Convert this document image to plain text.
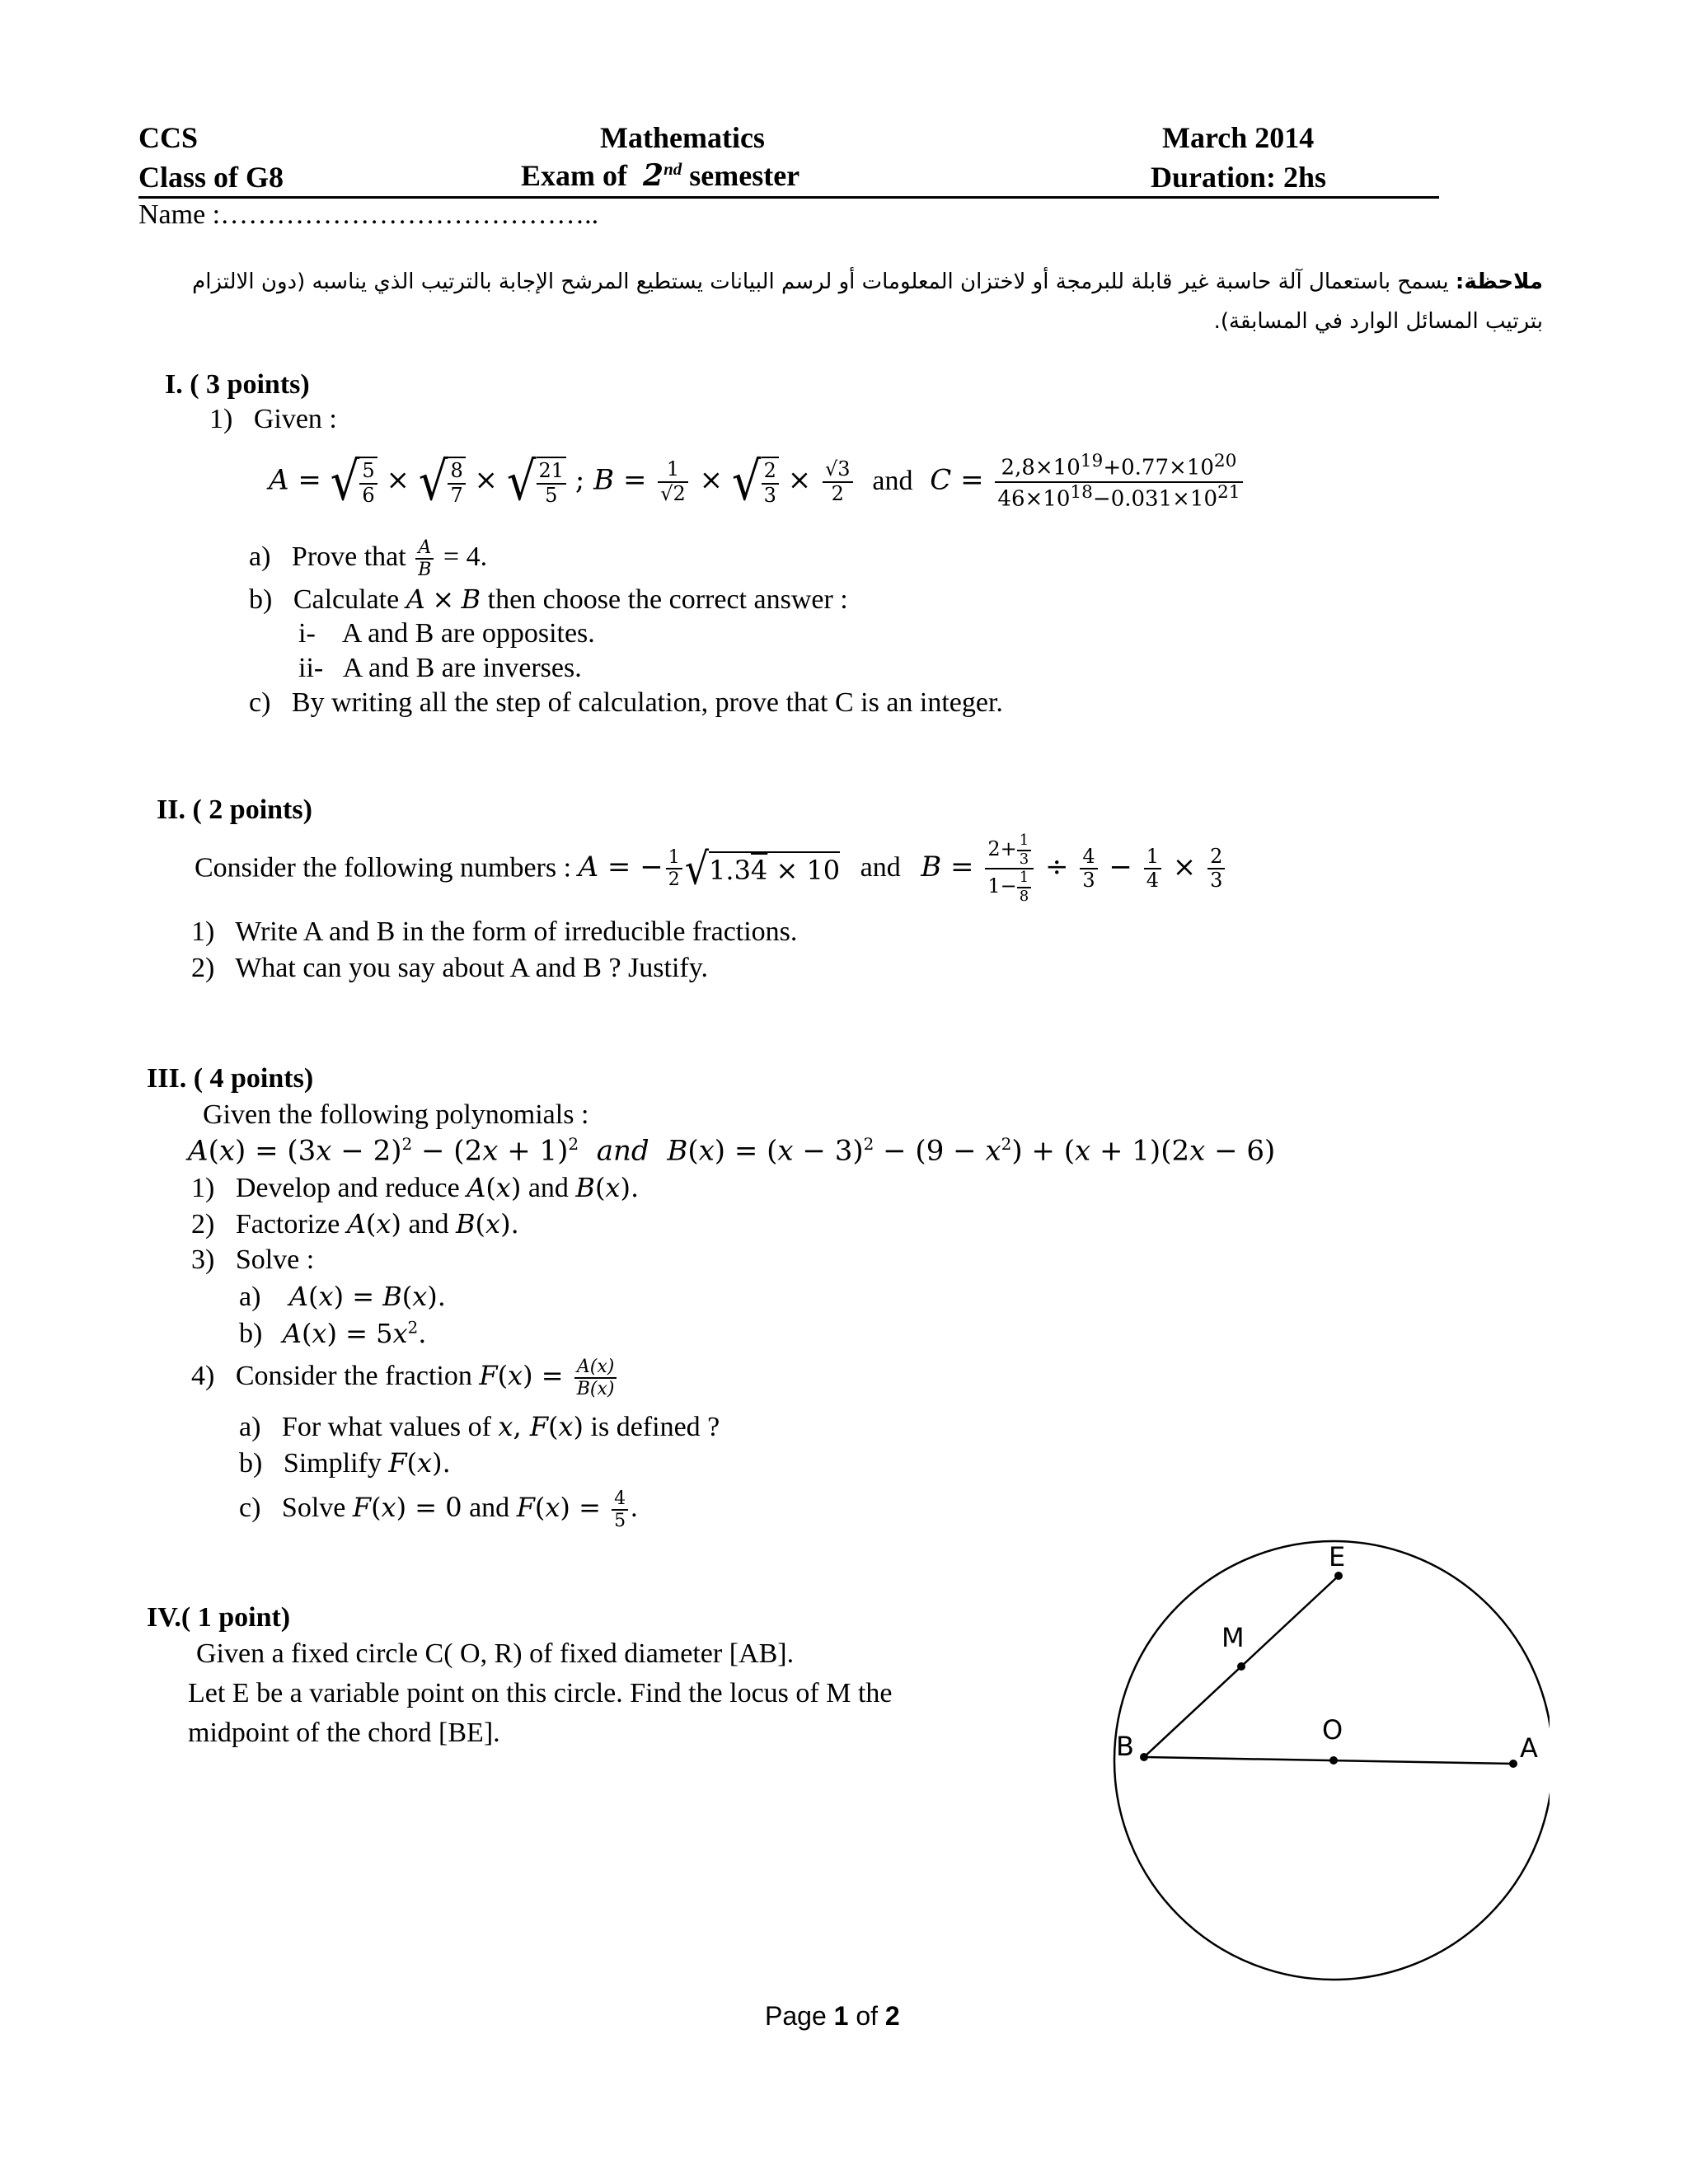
CCS
Class of G8
Mathematics
Exam of 2nd semester
March 2014
Duration: 2hs
Name :…………………………………..
ملاحظة: يسمح باستعمال آلة حاسبة غير قابلة للبرمجة أو لاختزان المعلومات أو لرسم البيانات يستطيع المرشح الإجابة بالترتيب الذي يناسبه (دون الالتزام بترتيب المسائل الوارد في المسابقة).
I. ( 3 points)
1)   Given :
A = √ $\frac{5}{6}$ × √ $\frac{8}{7}$ × √ $\frac{21}{5}$ ; $B = \frac{1}{√2}$ × √ $\frac{2}{3} \times \frac{√3}{2}$ and $C = \frac{2,8\times 10^{19}+0.77\times 10^{20}}{46\times 10^{18}-0.031\times 10^{21}}$
a)   Prove that $\frac{A}{B} = 4$.
b)   Calculate A × B then choose the correct answer :
i-    A and B are opposites.
ii-   A and B are inverses.
c)   By writing all the step of calculation, prove that C is an integer.
II. ( 2 points)
Consider the following numbers : A = − $\frac{1}{2} √1.34 \times 10$ and $B = \frac{2+ \frac{1}{3}}{1- \frac{1}{8}} \div \frac{4}{3} - \frac{1}{4} \times \frac{2}{3}$
1)   Write A and B in the form of irreducible fractions.
2)   What can you say about A and B ? Justify.
III. ( 4 points)
Given the following polynomials :
$A(x) = (3x - 2)^2 - (2x + 1)^2$ and $B(x) = (x - 3)^2 - (9 - x^2) + (x + 1)(2x - 6)$
1)   Develop and reduce A(x) and B(x).
2)   Factorize A(x) and B(x).
3)   Solve :
a) A(x) = B(x).
b) $A(x) = 5x^2$.
4)   Consider the fraction $F(x) = \frac{A(x)}{B(x)}$
a)   For what values of x, F(x) is defined ?
b)   Simplify F(x).
c)   Solve F(x) = 0 and $F(x) = \frac{4}{5}$ .
IV.( 1 point)
Given a fixed circle C( O, R) of fixed diameter [AB].
Let E be a variable point on this circle. Find the locus of M the
midpoint of the chord [BE].
E
M
B
O
A
Page 1 of 2
